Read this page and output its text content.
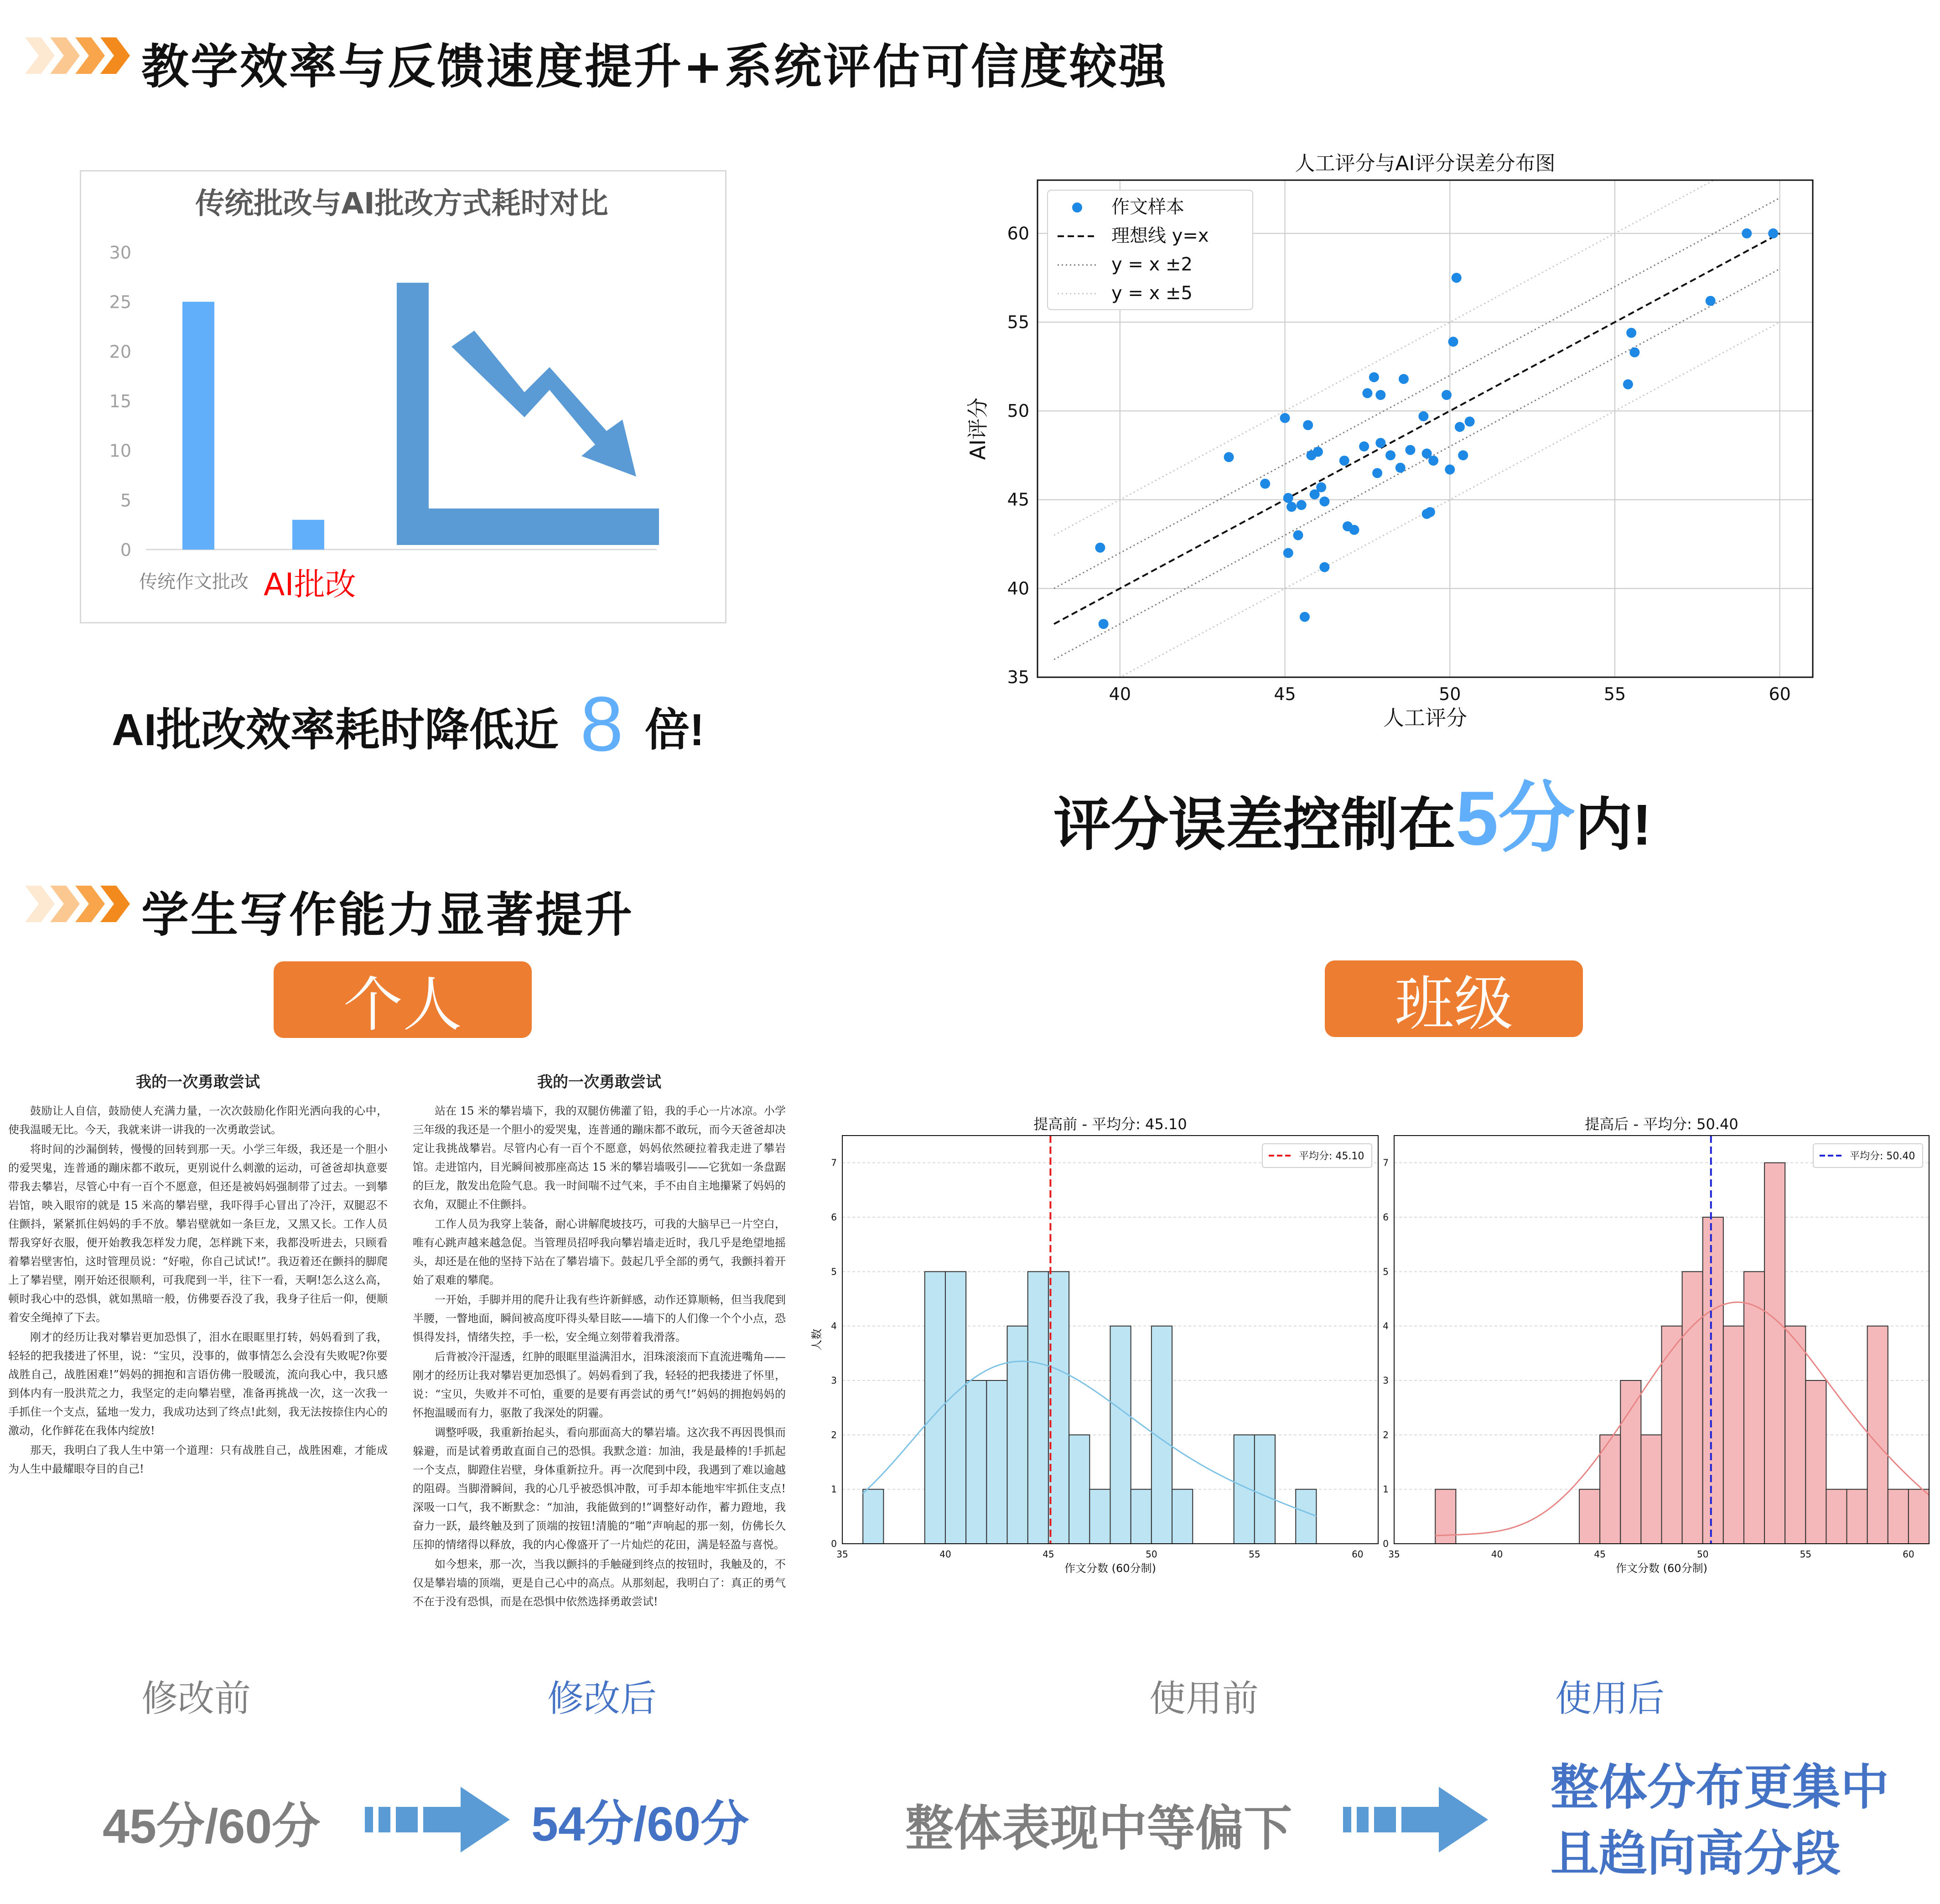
教学效率与反馈速度提升+系统评估可信度较强
传统批改与AI批改方式耗时对比
0
5
10
15
20
25
30
传统作文批改 AI批改
AI批改效率耗时降低近 8 倍!
人工评分与AI评分误差分布图
40	45	50	55	60
35
40
45
50
55
60
人工评分
AI评分
作文样本
理想线 y=x
y = x ±2
y = x ±5
评分误差控制在5分内!
学生写作能力显著提升
个人	班级
我的一次勇敢尝试

鼓励让人自信，鼓励使人充满力量，一次次鼓励化作阳光洒向我的心中，使我温暖无比。今天，我就来讲一讲我的一次勇敢尝试。

将时间的沙漏倒转，慢慢的回转到那一天。小学三年级，我还是一个胆小的爱哭鬼，连普通的蹦床都不敢玩，更别说什么刺激的运动，可爸爸却执意要带我去攀岩，尽管心中有一百个不愿意，但还是被妈妈强制带了过去。一到攀岩馆，映入眼帘的就是 15 米高的攀岩壁，我吓得手心冒出了冷汗，双腿忍不住颤抖，紧紧抓住妈妈的手不放。攀岩壁就如一条巨龙，又黑又长。工作人员帮我穿好衣服，便开始教我怎样发力爬，怎样跳下来，我都没听进去，只顾看着攀岩壁害怕，这时管理员说：“好啦，你自己试试!”。我迈着还在颤抖的脚爬上了攀岩壁，刚开始还很顺利，可我爬到一半，往下一看，天啊!怎么这么高，顿时我心中的恐惧，就如黑暗一般，仿佛要吞没了我，我身子往后一仰，便顺着安全绳掉了下去。

刚才的经历让我对攀岩更加恐惧了，泪水在眼眶里打转，妈妈看到了我，轻轻的把我搂进了怀里，说：“宝贝，没事的，做事情怎么会没有失败呢?你要战胜自己，战胜困难!”妈妈的拥抱和言语仿佛一股暖流，流向我心中，我只感到体内有一股洪荒之力，我坚定的走向攀岩壁，准备再挑战一次，这一次我一手抓住一个支点，猛地一发力，我成功达到了终点!此刻，我无法按捺住内心的激动，化作鲜花在我体内绽放!

那天，我明白了我人生中第一个道理：只有战胜自己，战胜困难，才能成为人生中最耀眼夺目的自己!

我的一次勇敢尝试

站在 15 米的攀岩墙下，我的双腿仿佛灌了铅，我的手心一片冰凉。小学三年级的我还是一个胆小的爱哭鬼，连普通的蹦床都不敢玩，而今天爸爸却决定让我挑战攀岩。尽管内心有一百个不愿意，妈妈依然硬拉着我走进了攀岩馆。走进馆内，目光瞬间被那座高达 15 米的攀岩墙吸引——它犹如一条盘踞的巨龙，散发出危险气息。我一时间喘不过气来，手不由自主地攥紧了妈妈的衣角，双腿止不住颤抖。

工作人员为我穿上装备，耐心讲解爬坡技巧，可我的大脑早已一片空白，唯有心跳声越来越急促。当管理员招呼我向攀岩墙走近时，我几乎是绝望地摇头，却还是在他的坚持下站在了攀岩墙下。鼓起几乎全部的勇气，我颤抖着开始了艰难的攀爬。

一开始，手脚并用的爬升让我有些许新鲜感，动作还算顺畅，但当我爬到半腰，一瞥地面，瞬间被高度吓得头晕目眩——墙下的人们像一个个小点，恐惧得发抖，情绪失控，手一松，安全绳立刻带着我滑落。

后背被冷汗湿透，红肿的眼眶里溢满泪水，泪珠滚滚而下直流进嘴角——刚才的经历让我对攀岩更加恐惧了。妈妈看到了我，轻轻的把我搂进了怀里，说：“宝贝，失败并不可怕，重要的是要有再尝试的勇气!”妈妈的拥抱妈妈的怀抱温暖而有力，驱散了我深处的阴霾。

调整呼吸，我重新抬起头，看向那面高大的攀岩墙。这次我不再因畏惧而躲避，而是试着勇敢直面自己的恐惧。我默念道：加油，我是最棒的!手抓起一个支点，脚蹬住岩壁，身体重新拉升。再一次爬到中段，我遇到了难以逾越的阻碍。当脚滑瞬间，我的心几乎被恐惧冲散，可手却本能地牢牢抓住支点!深吸一口气，我不断默念：“加油，我能做到的!”调整好动作，蓄力蹬地，我奋力一跃，最终触及到了顶端的按钮!清脆的“啪”声响起的那一刻，仿佛长久压抑的情绪得以释放，我的内心像盛开了一片灿烂的花田，满是轻盈与喜悦。

如今想来，那一次，当我以颤抖的手触碰到终点的按钮时，我触及的，不仅是攀岩墙的顶端，更是自己心中的高点。从那刻起，我明白了：真正的勇气不在于没有恐惧，而是在恐惧中依然选择勇敢尝试!

0
1
2
3
4
5
6
7
35	40	45	50	55	60
提高前 - 平均分: 45.10
作文分数 (60分制)
人数
平均分: 45.10
0
1
2
3
4
5
6
7
35	40	45	50	55	60
提高后 - 平均分: 50.40
作文分数 (60分制)
平均分: 50.40
修改前	修改后	使用前	使用后
45分/60分	54分/60分	整体表现中等偏下
整体分布更集中
且趋向高分段
